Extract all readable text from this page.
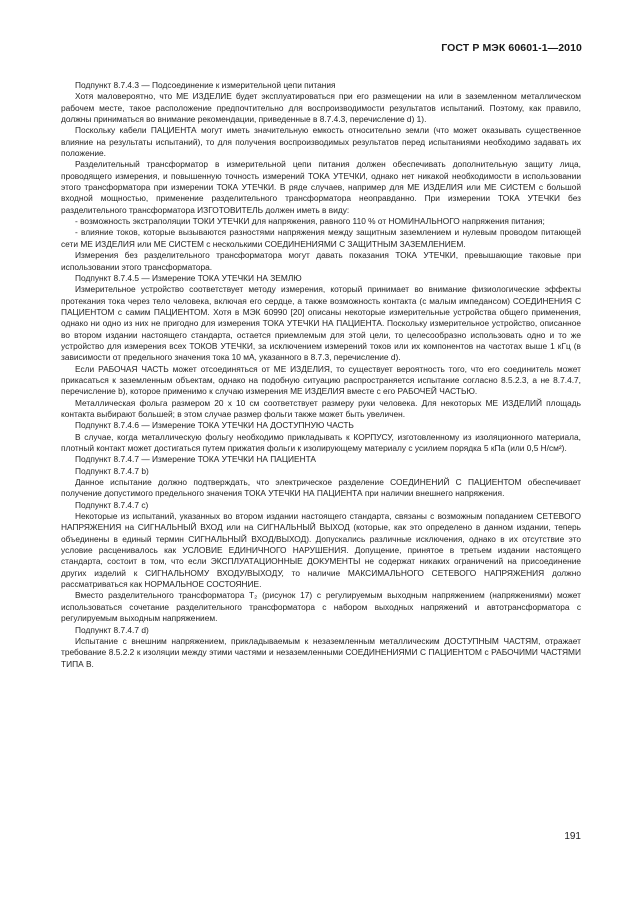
ГОСТ Р МЭК 60601-1—2010

Подпункт 8.7.4.3 — Подсоединение к измерительной цепи питания

Хотя маловероятно, что МЕ ИЗДЕЛИЕ будет эксплуатироваться при его размещении на или в заземленном металлическом рабочем месте, такое расположение предпочтительно для воспроизводимости результатов испытаний. Поэтому, как правило, должны приниматься во внимание рекомендации, приведенные в 8.7.4.3, перечисление d) 1).

Поскольку кабели ПАЦИЕНТА могут иметь значительную емкость относительно земли (что может оказывать существенное влияние на результаты испытаний), то для получения воспроизводимых результатов перед испытаниями необходимо задавать их положение.

Разделительный трансформатор в измерительной цепи питания должен обеспечивать дополнительную защиту лица, проводящего измерения, и повышенную точность измерений ТОКА УТЕЧКИ, однако нет никакой необходимости в использовании этого трансформатора при измерении ТОКА УТЕЧКИ. В ряде случаев, например для МЕ ИЗДЕЛИЯ или МЕ СИСТЕМ с большой входной мощностью, применение разделительного трансформатора неоправданно. При измерении ТОКА УТЕЧКИ без разделительного трансформатора ИЗГОТОВИТЕЛЬ должен иметь в виду:

- возможность экстраполяции ТОКИ УТЕЧКИ для напряжения, равного 110 % от НОМИНАЛЬНОГО напряжения питания;

- влияние токов, которые вызываются разностями напряжения между защитным заземлением и нулевым проводом питающей сети МЕ ИЗДЕЛИЯ или МЕ СИСТЕМ с несколькими СОЕДИНЕНИЯМИ С ЗАЩИТНЫМ ЗАЗЕМЛЕНИЕМ.

Измерения без разделительного трансформатора могут давать показания ТОКА УТЕЧКИ, превышающие таковые при использовании этого трансформатора.

Подпункт 8.7.4.5 — Измерение ТОКА УТЕЧКИ НА ЗЕМЛЮ

Измерительное устройство соответствует методу измерения, который принимает во внимание физиологические эффекты протекания тока через тело человека, включая его сердце, а также возможность контакта (с малым импедансом) СОЕДИНЕНИЯ С ПАЦИЕНТОМ с самим ПАЦИЕНТОМ. Хотя в МЭК 60990 [20] описаны некоторые измерительные устройства общего применения, однако ни одно из них не пригодно для измерения ТОКА УТЕЧКИ НА ПАЦИЕНТА. Поскольку измерительное устройство, описанное во втором издании настоящего стандарта, остается приемлемым для этой цели, то целесообразно использовать одно и то же устройство для измерения всех ТОКОВ УТЕЧКИ, за исключением измерений токов или их компонентов на частотах выше 1 кГц (в зависимости от предельного значения тока 10 мА, указанного в 8.7.3, перечисление d).

Если РАБОЧАЯ ЧАСТЬ может отсоединяться от МЕ ИЗДЕЛИЯ, то существует вероятность того, что его соединитель может прикасаться к заземленным объектам, однако на подобную ситуацию распространяется испытание согласно 8.5.2.3, а не 8.7.4.7, перечисление b), которое применимо к случаю измерения МЕ ИЗДЕЛИЯ вместе с его РАБОЧЕЙ ЧАСТЬЮ.

Металлическая фольга размером 20 х 10 см соответствует размеру руки человека. Для некоторых МЕ ИЗДЕЛИЙ площадь контакта выбирают большей; в этом случае размер фольги также может быть увеличен.

Подпункт 8.7.4.6 — Измерение ТОКА УТЕЧКИ НА ДОСТУПНУЮ ЧАСТЬ

В случае, когда металлическую фольгу необходимо прикладывать к КОРПУСУ, изготовленному из изоляционного материала, плотный контакт может достигаться путем прижатия фольги к изолирующему материалу с усилием порядка 5 кПа (или 0,5 Н/см²).

Подпункт 8.7.4.7 — Измерение ТОКА УТЕЧКИ НА ПАЦИЕНТА

Подпункт 8.7.4.7 b)

Данное испытание должно подтверждать, что электрическое разделение СОЕДИНЕНИЙ С ПАЦИЕНТОМ обеспечивает получение допустимого предельного значения ТОКА УТЕЧКИ НА ПАЦИЕНТА при наличии внешнего напряжения.

Подпункт 8.7.4.7 с)

Некоторые из испытаний, указанных во втором издании настоящего стандарта, связаны с возможным попаданием СЕТЕВОГО НАПРЯЖЕНИЯ на СИГНАЛЬНЫЙ ВХОД или на СИГНАЛЬНЫЙ ВЫХОД (которые, как это определено в данном издании, теперь объединены в единый термин СИГНАЛЬНЫЙ ВХОД/ВЫХОД). Допускались различные исключения, однако в их отсутствие это условие расценивалось как УСЛОВИЕ ЕДИНИЧНОГО НАРУШЕНИЯ. Допущение, принятое в третьем издании настоящего стандарта, состоит в том, что если ЭКСПЛУАТАЦИОННЫЕ ДОКУМЕНТЫ не содержат никаких ограничений на присоединение других изделий к СИГНАЛЬНОМУ ВХОДУ/ВЫХОДУ, то наличие МАКСИМАЛЬНОГО СЕТЕВОГО НАПРЯЖЕНИЯ должно рассматриваться как НОРМАЛЬНОЕ СОСТОЯНИЕ.

Вместо разделительного трансформатора T₂ (рисунок 17) с регулируемым выходным напряжением (напряжениями) может использоваться сочетание разделительного трансформатора с набором выходных напряжений и автотрансформатора с регулируемым выходным напряжением.

Подпункт 8.7.4.7 d)

Испытание с внешним напряжением, прикладываемым к незаземленным металлическим ДОСТУПНЫМ ЧАСТЯМ, отражает требование 8.5.2.2 к изоляции между этими частями и незаземленными СОЕДИНЕНИЯМИ С ПАЦИЕНТОМ с РАБОЧИМИ ЧАСТЯМИ ТИПА В.

191
